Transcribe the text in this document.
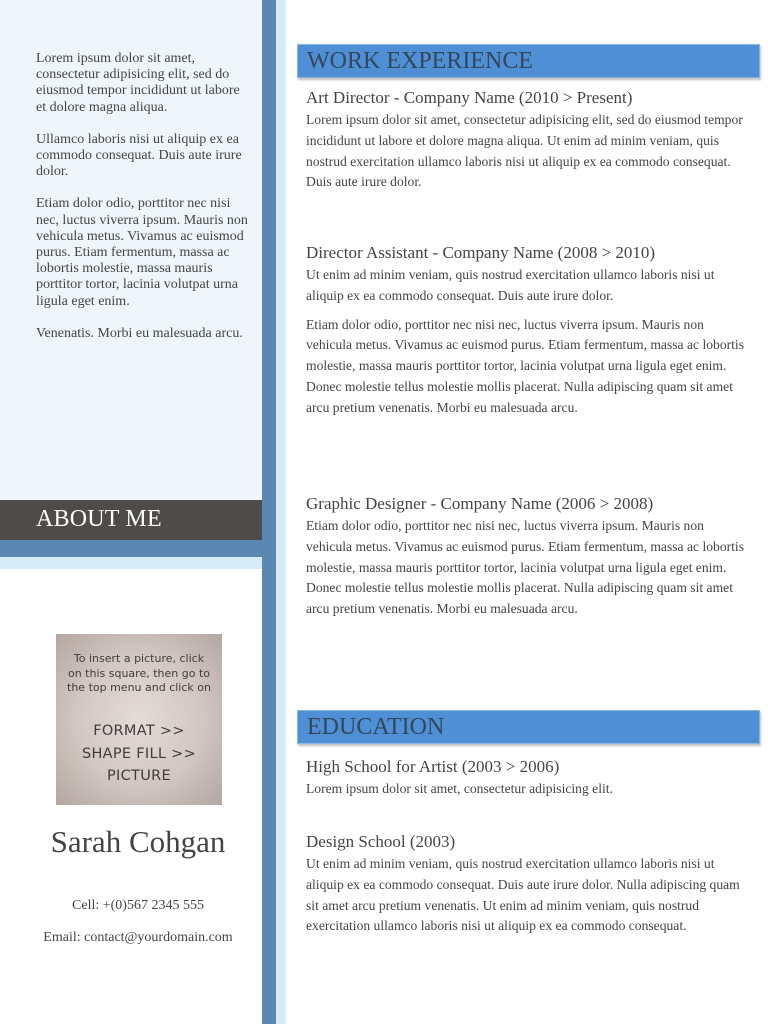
Lorem ipsum dolor sit amet, consectetur adipisicing elit, sed do eiusmod tempor incididunt ut labore et dolore magna aliqua.

Ullamco laboris nisi ut aliquip ex ea commodo consequat. Duis aute irure dolor.

Etiam dolor odio, porttitor nec nisi nec, luctus viverra ipsum. Mauris non vehicula metus. Vivamus ac euismod purus. Etiam fermentum, massa ac lobortis molestie, massa mauris porttitor tortor, lacinia volutpat urna ligula eget enim.

Venenatis. Morbi eu malesuada arcu.

ABOUT ME
To insert a picture, click on this square, then go to the top menu and click on
FORMAT >>
SHAPE FILL >>
PICTURE
Sarah Cohgan
Cell: +(0)567 2345 555
Email: contact@yourdomain.com
WORK EXPERIENCE
Art Director - Company Name (2010 > Present)

Lorem ipsum dolor sit amet, consectetur adipisicing elit, sed do eiusmod tempor incididunt ut labore et dolore magna aliqua. Ut enim ad minim veniam, quis nostrud exercitation ullamco laboris nisi ut aliquip ex ea commodo consequat. Duis aute irure dolor.

Director Assistant - Company Name (2008 > 2010)

Ut enim ad minim veniam, quis nostrud exercitation ullamco laboris nisi ut aliquip ex ea commodo consequat. Duis aute irure dolor.

Etiam dolor odio, porttitor nec nisi nec, luctus viverra ipsum. Mauris non vehicula metus. Vivamus ac euismod purus. Etiam fermentum, massa ac lobortis molestie, massa mauris porttitor tortor, lacinia volutpat urna ligula eget enim. Donec molestie tellus molestie mollis placerat. Nulla adipiscing quam sit amet arcu pretium venenatis. Morbi eu malesuada arcu.

Graphic Designer - Company Name (2006 > 2008)

Etiam dolor odio, porttitor nec nisi nec, luctus viverra ipsum. Mauris non vehicula metus. Vivamus ac euismod purus. Etiam fermentum, massa ac lobortis molestie, massa mauris porttitor tortor, lacinia volutpat urna ligula eget enim. Donec molestie tellus molestie mollis placerat. Nulla adipiscing quam sit amet arcu pretium venenatis. Morbi eu malesuada arcu.

EDUCATION
High School for Artist (2003 > 2006)

Lorem ipsum dolor sit amet, consectetur adipisicing elit.

Design School (2003)

Ut enim ad minim veniam, quis nostrud exercitation ullamco laboris nisi ut aliquip ex ea commodo consequat. Duis aute irure dolor. Nulla adipiscing quam sit amet arcu pretium venenatis. Ut enim ad minim veniam, quis nostrud exercitation ullamco laboris nisi ut aliquip ex ea commodo consequat.
